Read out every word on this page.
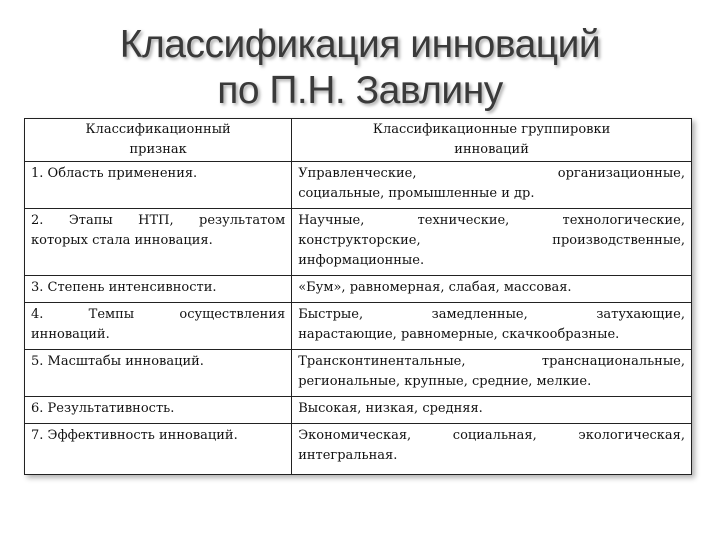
Классификация инноваций
по П.Н. Завлину
Классификационный
признак	Классификационные группировки
инноваций

1. Область применения.	Управленческие, организационные,
социальные, промышленные и др.

2. Этапы НТП, результатом
которых стала инновация.	Научные, технические, технологические,
конструкторские, производственные,
информационные.

3. Степень интенсивности.	«Бум», равномерная, слабая, массовая.

4. Темпы осуществления
инноваций.	Быстрые, замедленные, затухающие,
нарастающие, равномерные, скачкообразные.

5. Масштабы инноваций.	Трансконтинентальные, транснациональные,
региональные, крупные, средние, мелкие.

6. Результативность.	Высокая, низкая, средняя.

7. Эффективность инноваций.	Экономическая, социальная, экологическая,
интегральная.
